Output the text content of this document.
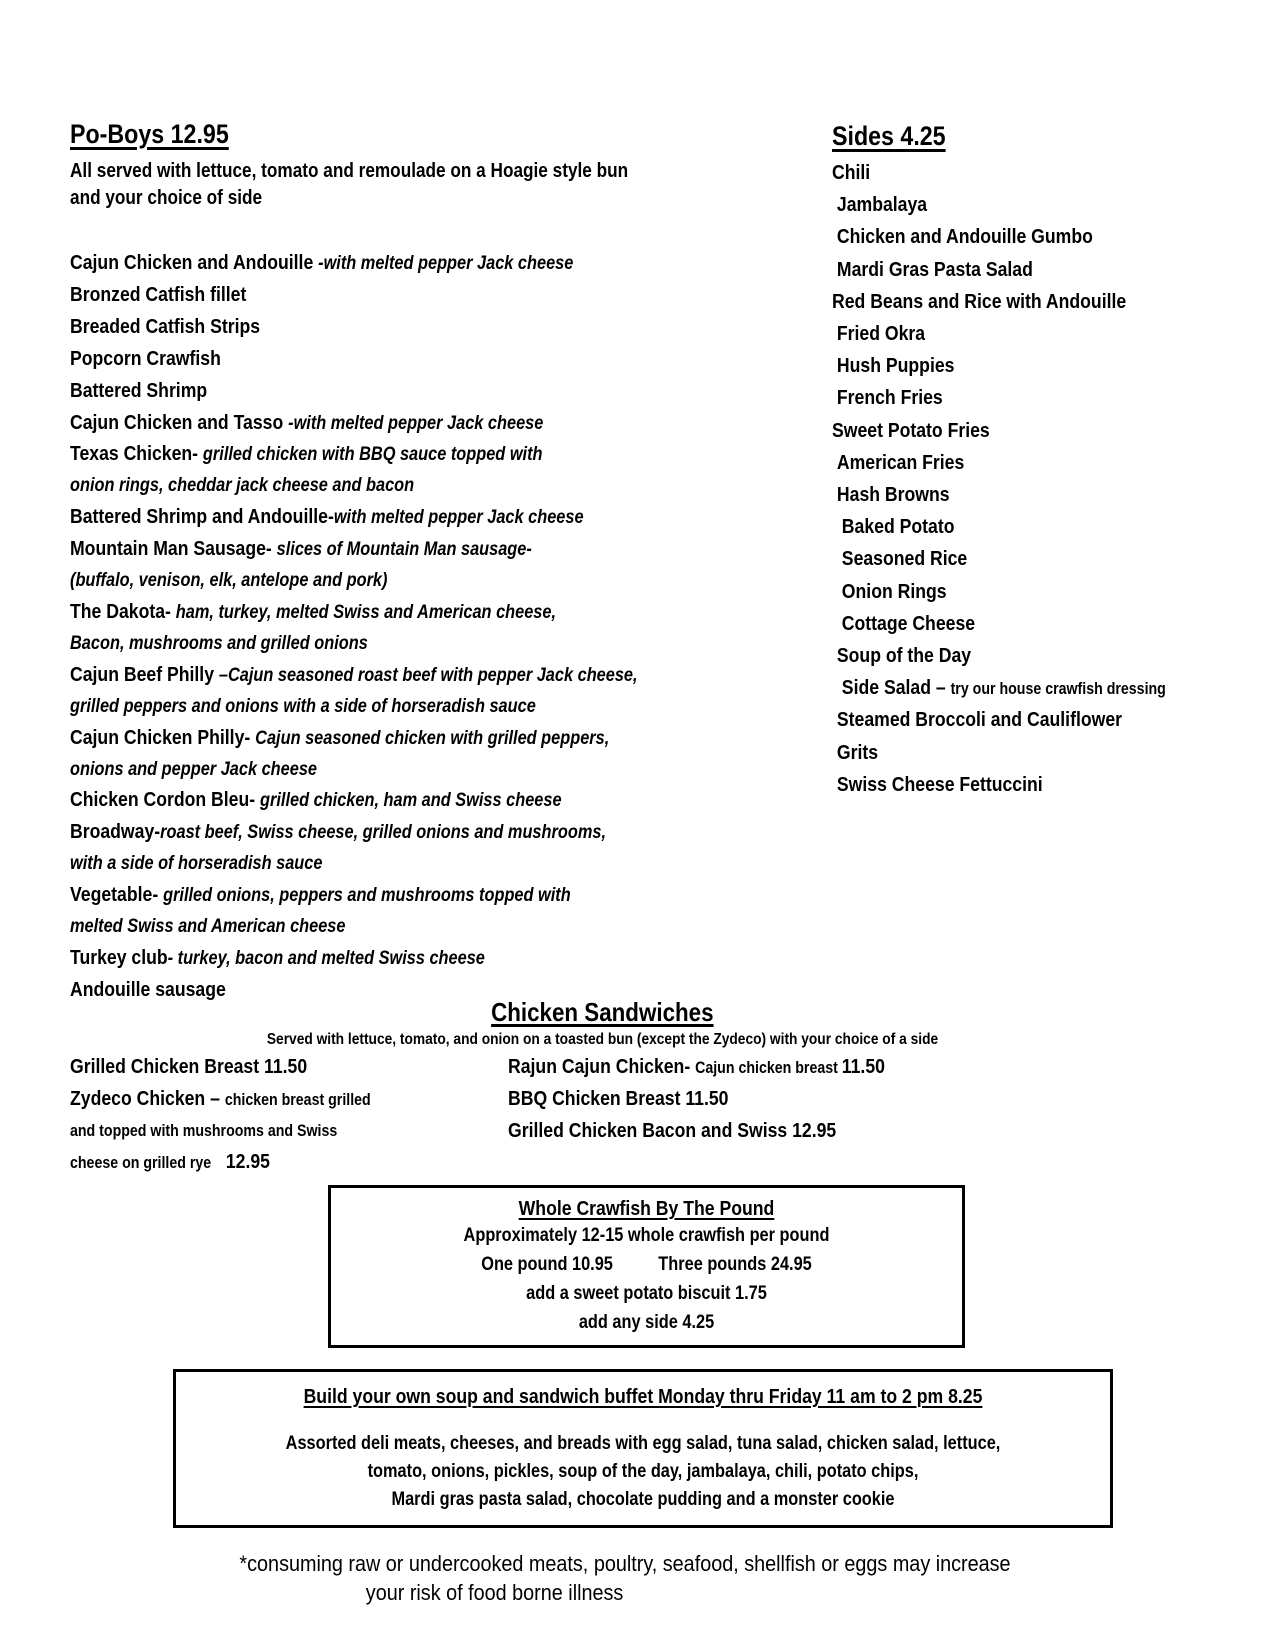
Po-Boys 12.95
All served with lettuce, tomato and remoulade on a Hoagie style bun
and your choice of side
Cajun Chicken and Andouille -with melted pepper Jack cheese
Bronzed Catfish fillet
Breaded Catfish Strips
Popcorn Crawfish
Battered Shrimp
Cajun Chicken and Tasso -with melted pepper Jack cheese
Texas Chicken- grilled chicken with BBQ sauce topped with
onion rings, cheddar jack cheese and bacon
Battered Shrimp and Andouille-with melted pepper Jack cheese
Mountain Man Sausage- slices of Mountain Man sausage-
(buffalo, venison, elk, antelope and pork)
The Dakota- ham, turkey, melted Swiss and American cheese,
Bacon, mushrooms and grilled onions
Cajun Beef Philly –Cajun seasoned roast beef with pepper Jack cheese,
grilled peppers and onions with a side of horseradish sauce
Cajun Chicken Philly- Cajun seasoned chicken with grilled peppers,
onions and pepper Jack cheese
Chicken Cordon Bleu- grilled chicken, ham and Swiss cheese
Broadway-roast beef, Swiss cheese, grilled onions and mushrooms,
with a side of horseradish sauce
Vegetable- grilled onions, peppers and mushrooms topped with
melted Swiss and American cheese
Turkey club- turkey, bacon and melted Swiss cheese
Andouille sausage
Sides 4.25
Chili
Jambalaya
Chicken and Andouille Gumbo
Mardi Gras Pasta Salad
Red Beans and Rice with Andouille
Fried Okra
Hush Puppies
French Fries
Sweet Potato Fries
American Fries
Hash Browns
Baked Potato
Seasoned Rice
Onion Rings
Cottage Cheese
Soup of the Day
Side Salad – try our house crawfish dressing
Steamed Broccoli and Cauliflower
Grits
Swiss Cheese Fettuccini
Chicken Sandwiches
Served with lettuce, tomato, and onion on a toasted bun (except the Zydeco) with your choice of a side
Grilled Chicken Breast 11.50
Zydeco Chicken – chicken breast grilled
and topped with mushrooms and Swiss
cheese on grilled rye   12.95
Rajun Cajun Chicken- Cajun chicken breast 11.50
BBQ Chicken Breast 11.50
Grilled Chicken Bacon and Swiss 12.95
Whole Crawfish By The Pound
Approximately 12-15 whole crawfish per pound
One pound 10.95          Three pounds 24.95
add a sweet potato biscuit 1.75
add any side 4.25
Build your own soup and sandwich buffet Monday thru Friday 11 am to 2 pm 8.25
Assorted deli meats, cheeses, and breads with egg salad, tuna salad, chicken salad, lettuce,
tomato, onions, pickles, soup of the day, jambalaya, chili, potato chips,
Mardi gras pasta salad, chocolate pudding and a monster cookie
*consuming raw or undercooked meats, poultry, seafood, shellfish or eggs may increase
your risk of food borne illness
